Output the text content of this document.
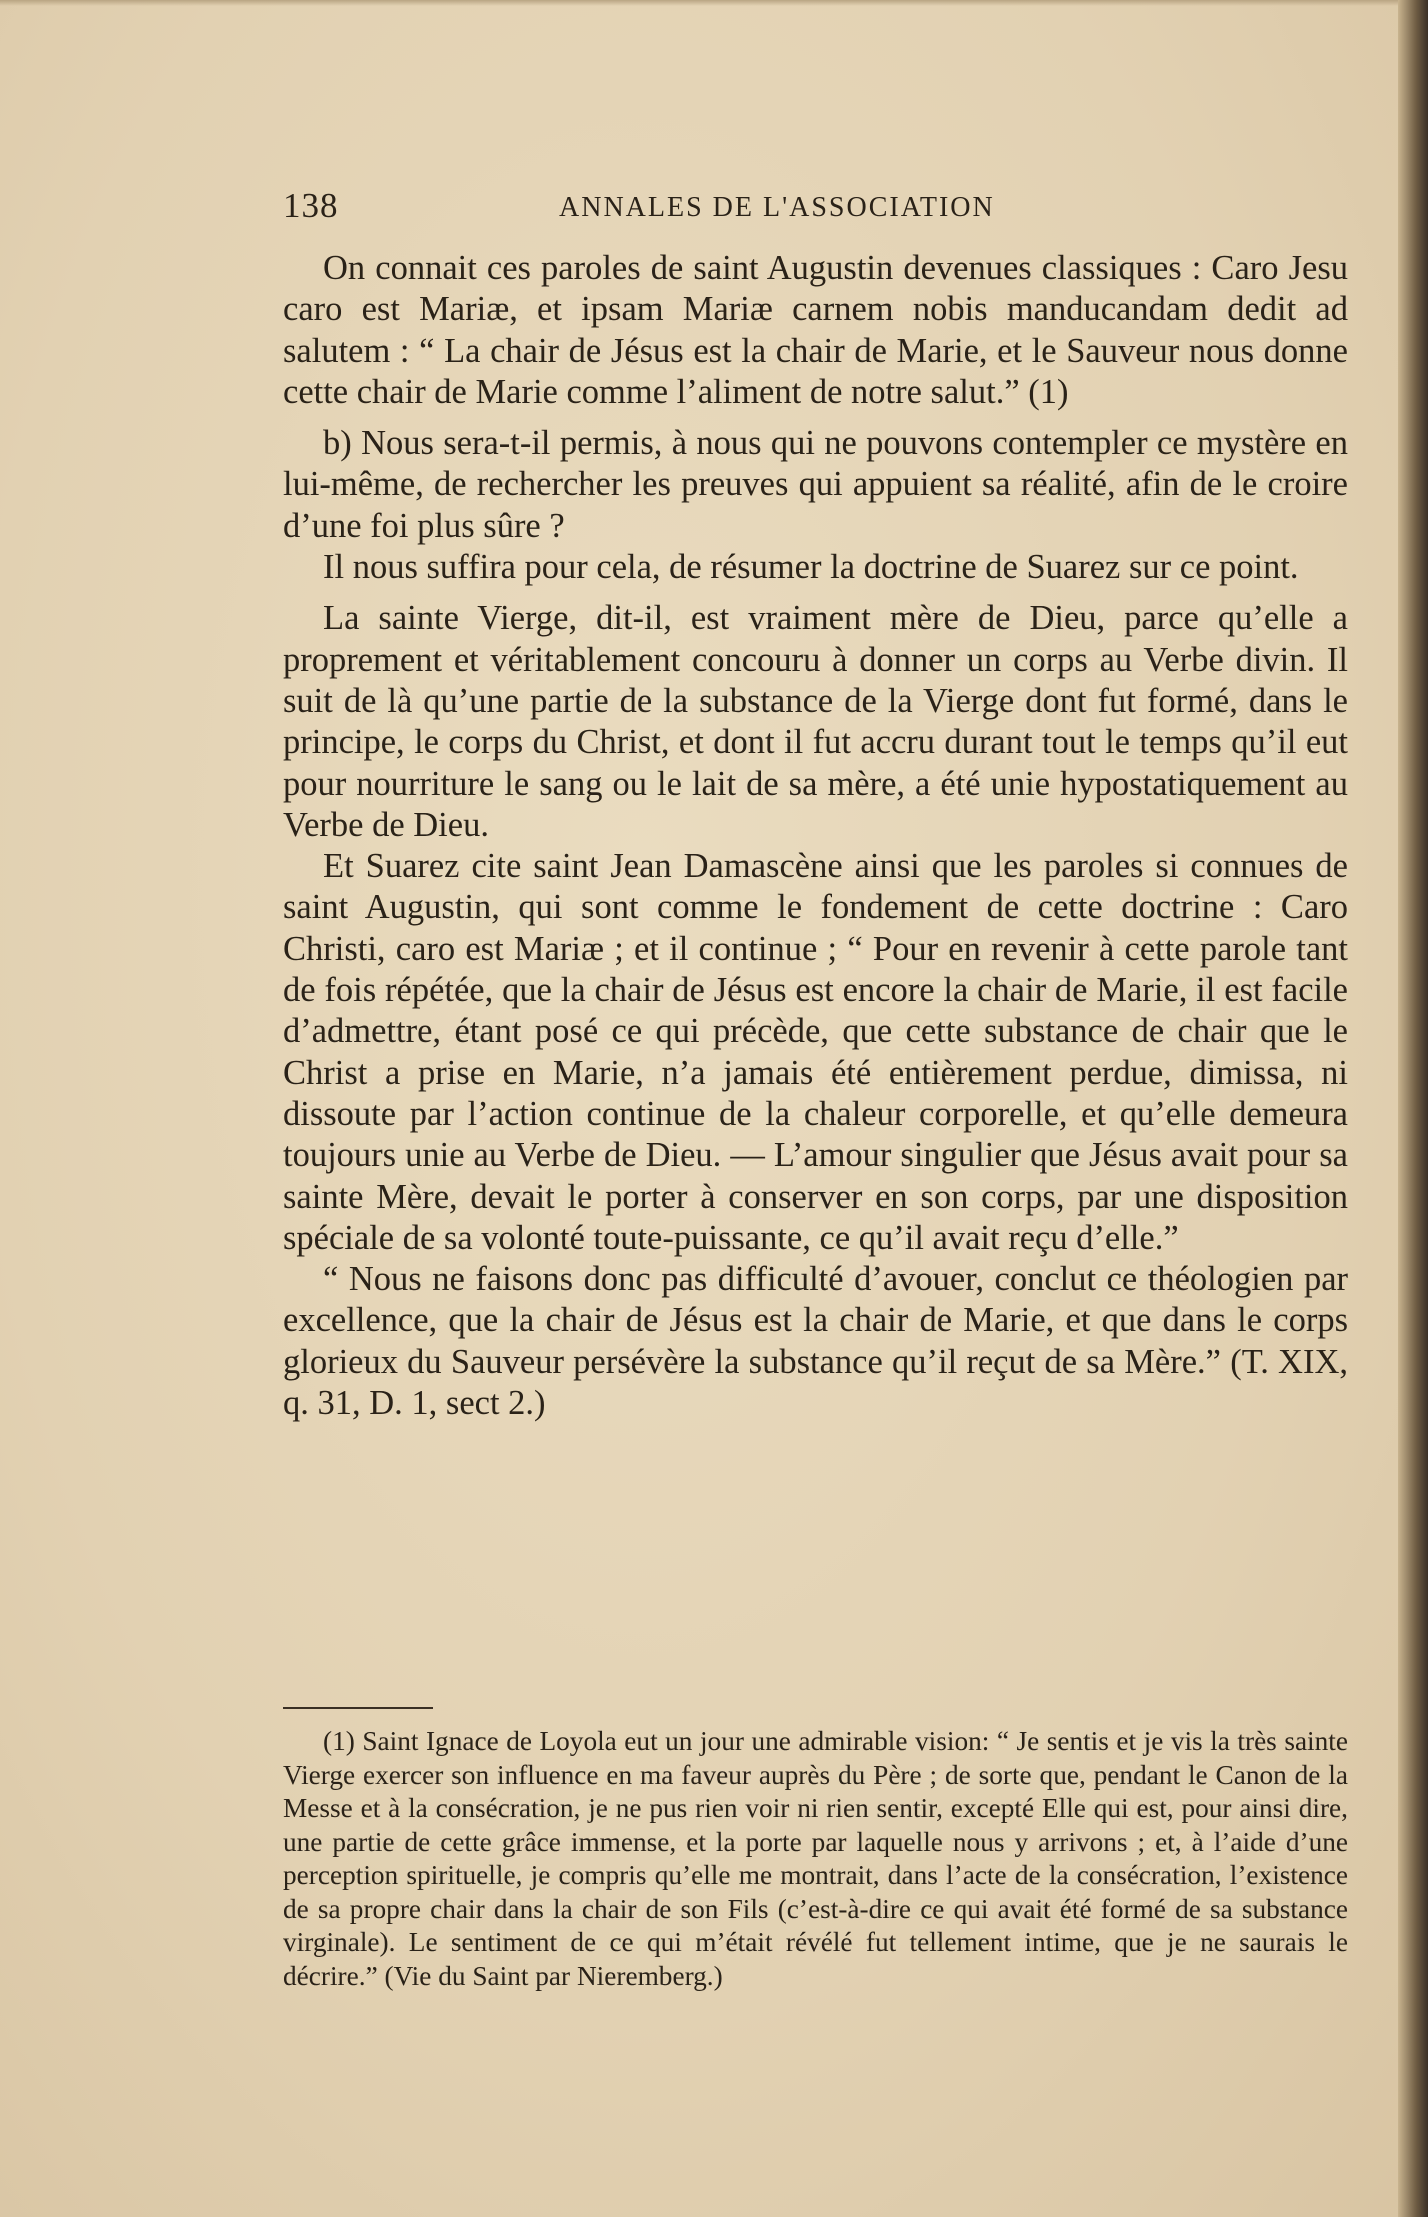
138	ANNALES DE L'ASSOCIATION

On connait ces paroles de saint Augustin devenues classiques : Caro Jesu caro est Mariæ, et ipsam Mariæ carnem nobis manducandam dedit ad salutem : “ La chair de Jésus est la chair de Marie, et le Sauveur nous donne cette chair de Marie comme l’aliment de notre salut.” (1)

b) Nous sera-t-il permis, à nous qui ne pouvons contempler ce mystère en lui-même, de rechercher les preuves qui appuient sa réalité, afin de le croire d’une foi plus sûre ?

Il nous suffira pour cela, de résumer la doctrine de Suarez sur ce point.

La sainte Vierge, dit-il, est vraiment mère de Dieu, parce qu’elle a proprement et véritablement concouru à donner un corps au Verbe divin. Il suit de là qu’une partie de la substance de la Vierge dont fut formé, dans le principe, le corps du Christ, et dont il fut accru durant tout le temps qu’il eut pour nourriture le sang ou le lait de sa mère, a été unie hypostatiquement au Verbe de Dieu.

Et Suarez cite saint Jean Damascène ainsi que les paroles si connues de saint Augustin, qui sont comme le fondement de cette doctrine : Caro Christi, caro est Mariæ ; et il continue ; “ Pour en revenir à cette parole tant de fois répétée, que la chair de Jésus est encore la chair de Marie, il est facile d’admettre, étant posé ce qui précède, que cette substance de chair que le Christ a prise en Marie, n’a jamais été entièrement perdue, dimissa, ni dissoute par l’action continue de la chaleur corporelle, et qu’elle demeura toujours unie au Verbe de Dieu. — L’amour singulier que Jésus avait pour sa sainte Mère, devait le porter à conserver en son corps, par une disposition spéciale de sa volonté toute-puissante, ce qu’il avait reçu d’elle.”

“ Nous ne faisons donc pas difficulté d’avouer, conclut ce théologien par excellence, que la chair de Jésus est la chair de Marie, et que dans le corps glorieux du Sauveur persévère la substance qu’il reçut de sa Mère.” (T. XIX, q. 31, D. 1, sect 2.)

(1) Saint Ignace de Loyola eut un jour une admirable vision: “ Je sentis et je vis la très sainte Vierge exercer son influence en ma faveur auprès du Père ; de sorte que, pendant le Canon de la Messe et à la consécration, je ne pus rien voir ni rien sentir, excepté Elle qui est, pour ainsi dire, une partie de cette grâce immense, et la porte par laquelle nous y arrivons ; et, à l’aide d’une perception spirituelle, je compris qu’elle me montrait, dans l’acte de la consécration, l’existence de sa propre chair dans la chair de son Fils (c’est-à-dire ce qui avait été formé de sa substance virginale). Le sentiment de ce qui m’était révélé fut tellement intime, que je ne saurais le décrire.” (Vie du Saint par Nieremberg.)
